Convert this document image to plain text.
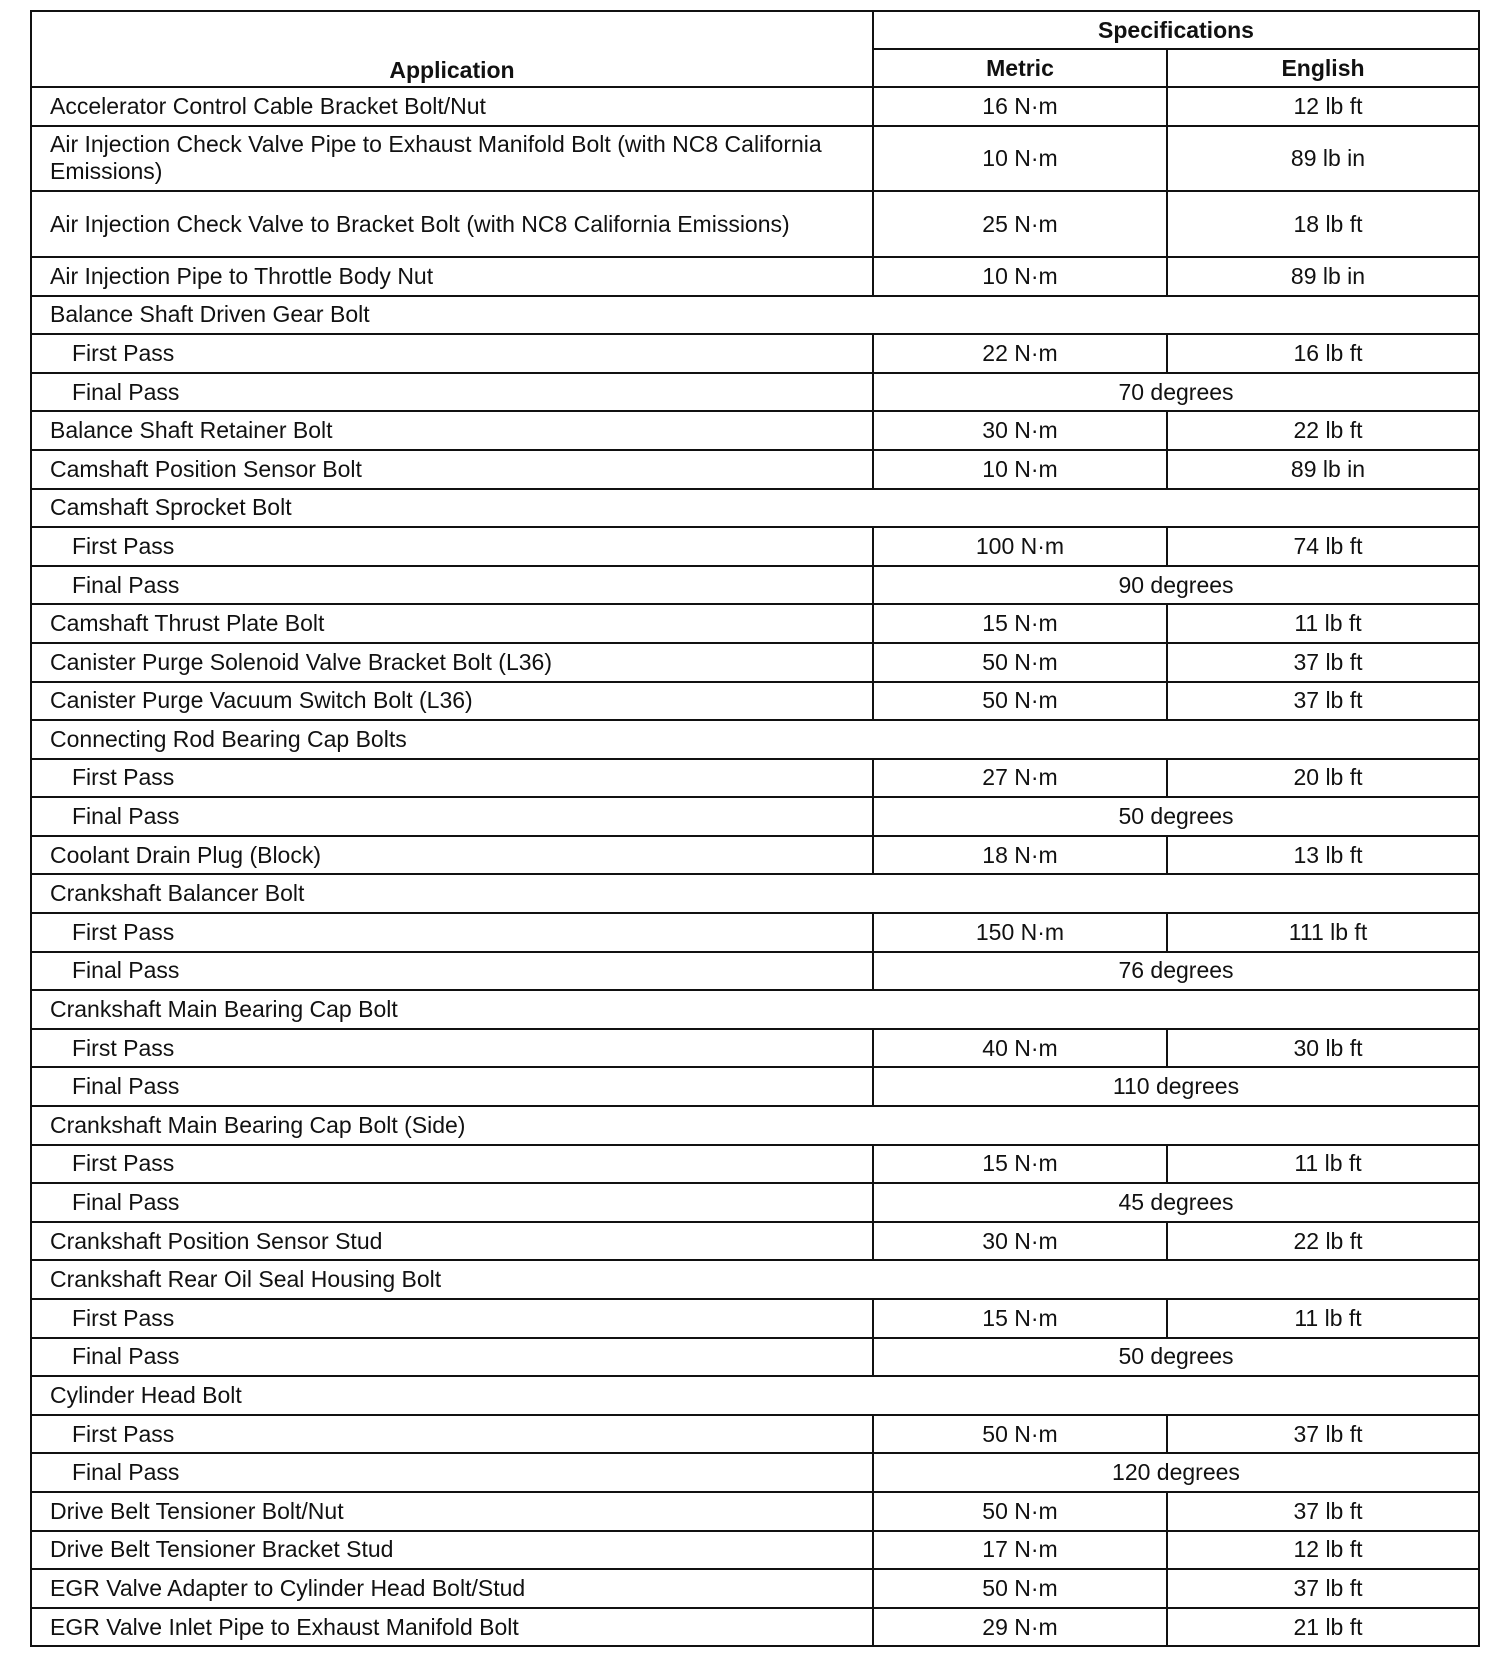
Application	Specifications	
	Metric	English
Accelerator Control Cable Bracket Bolt/Nut	16 N·m	12 lb ft
Air Injection Check Valve Pipe to Exhaust Manifold Bolt (with NC8 California Emissions)	10 N·m	89 lb in
Air Injection Check Valve to Bracket Bolt (with NC8 California Emissions)	25 N·m	18 lb ft
Air Injection Pipe to Throttle Body Nut	10 N·m	89 lb in
Balance Shaft Driven Gear Bolt		
First Pass	22 N·m	16 lb ft
Final Pass	70 degrees	
Balance Shaft Retainer Bolt	30 N·m	22 lb ft
Camshaft Position Sensor Bolt	10 N·m	89 lb in
Camshaft Sprocket Bolt		
First Pass	100 N·m	74 lb ft
Final Pass	90 degrees	
Camshaft Thrust Plate Bolt	15 N·m	11 lb ft
Canister Purge Solenoid Valve Bracket Bolt (L36)	50 N·m	37 lb ft
Canister Purge Vacuum Switch Bolt (L36)	50 N·m	37 lb ft
Connecting Rod Bearing Cap Bolts		
First Pass	27 N·m	20 lb ft
Final Pass	50 degrees	
Coolant Drain Plug (Block)	18 N·m	13 lb ft
Crankshaft Balancer Bolt		
First Pass	150 N·m	111 lb ft
Final Pass	76 degrees	
Crankshaft Main Bearing Cap Bolt		
First Pass	40 N·m	30 lb ft
Final Pass	110 degrees	
Crankshaft Main Bearing Cap Bolt (Side)		
First Pass	15 N·m	11 lb ft
Final Pass	45 degrees	
Crankshaft Position Sensor Stud	30 N·m	22 lb ft
Crankshaft Rear Oil Seal Housing Bolt		
First Pass	15 N·m	11 lb ft
Final Pass	50 degrees	
Cylinder Head Bolt		
First Pass	50 N·m	37 lb ft
Final Pass	120 degrees	
Drive Belt Tensioner Bolt/Nut	50 N·m	37 lb ft
Drive Belt Tensioner Bracket Stud	17 N·m	12 lb ft
EGR Valve Adapter to Cylinder Head Bolt/Stud	50 N·m	37 lb ft
EGR Valve Inlet Pipe to Exhaust Manifold Bolt	29 N·m	21 lb ft
